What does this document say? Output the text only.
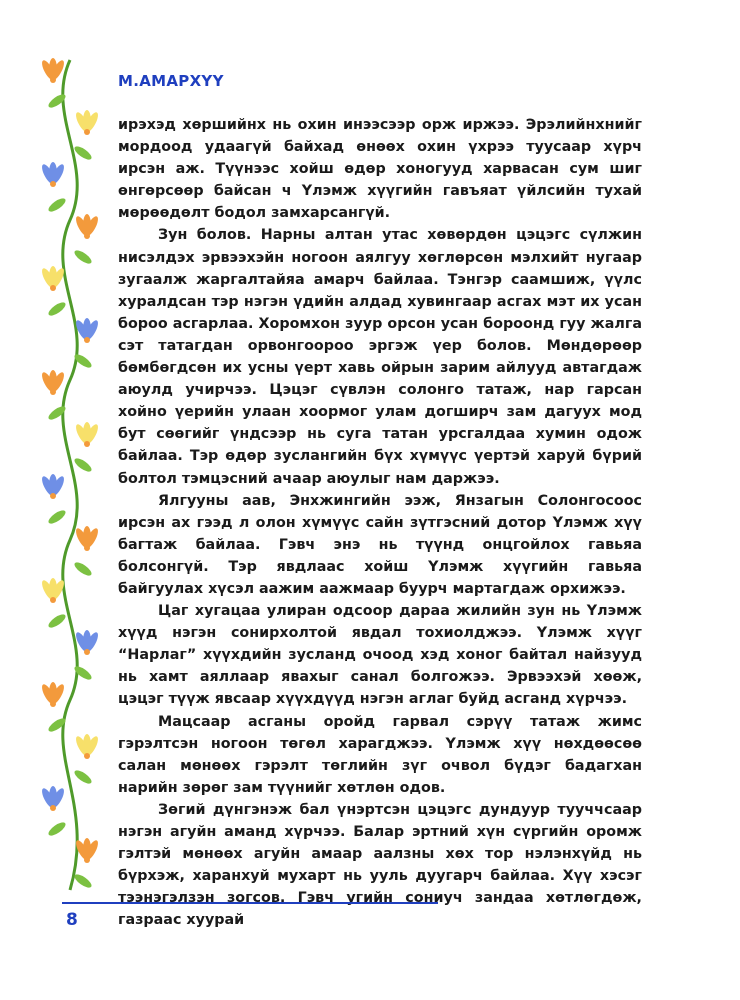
М.АМАРХҮҮ

ирэхэд хөршийнх нь охин инээсээр орж иржээ. Эрэлийнхнийг мордоод удаагүй байхад өнөөх охин үхрээ туусаар хүрч ирсэн аж. Түүнээс хойш өдөр хоногууд харвасан сум шиг өнгөрсөөр байсан ч Үлэмж хүүгийн гавъяат үйлсийн тухай мөрөөдөлт бодол замхарсангүй.

Зун болов. Нарны алтан утас хөвөрдөн цэцэгс сүлжин нисэлдэх эрвээхэйн ногоон аялгуу хөглөрсөн мэлхийт нугаар зугаалж жаргалтайяа амарч байлаа. Тэнгэр саамшиж, үүлс хуралдсан тэр нэгэн үдийн алдад хувингаар асгах мэт их усан бороо асгарлаа. Хоромхон зуур орсон усан бороонд гуу жалга сэт татагдан орвонгоороо эргэж үер болов. Мөндөрөөр бөмбөгдсөн их усны үерт хавь ойрын зарим айлууд автагдаж аюулд учирчээ. Цэцэг сүвлэн солонго татаж, нар гарсан хойно үерийн улаан хоормог улам догширч зам дагуух мод бут сөөгийг үндсээр нь суга татан урсгалдаа хумин одож байлаа. Тэр өдөр зуслангийн бүх хүмүүс үертэй харуй бүрий болтол тэмцэсний ачаар аюулыг нам даржээ.

Ялгууны аав, Энхжингийн ээж, Янзагын Солонгосоос ирсэн ах гээд л олон хүмүүс сайн зүтгэсний дотор Үлэмж хүү багтаж байлаа. Гэвч энэ нь түүнд онцгойлох гавьяа болсонгүй. Тэр явдлаас хойш Үлэмж хүүгийн гавьяа байгуулах хүсэл аажим аажмаар буурч мартагдаж орхижээ.

Цаг хугацаа улиран одсоор дараа жилийн зун нь Үлэмж хүүд нэгэн сонирхолтой явдал тохиолджээ. Үлэмж хүүг “Нарлаг” хүүхдийн зусланд очоод хэд хоног байтал найзууд нь хамт аяллаар явахыг санал болгожээ. Эрвээхэй хөөж, цэцэг түүж явсаар хүүхдүүд нэгэн аглаг буйд асганд хүрчээ.

Мацсаар асганы оройд гарвал сэрүү татаж жимс гэрэлтсэн ногоон төгөл харагджээ. Үлэмж хүү нөхдөөсөө салан мөнөөх гэрэлт төглийн зүг очвол бүдэг бадагхан нарийн зөрөг зам түүнийг хөтлөн одов.

Зөгий дүнгэнэж бал үнэртсэн цэцэгс дундуур тууччсаар нэгэн агуйн аманд хүрчээ. Балар эртний хүн сүргийн оромж гэлтэй мөнөөх агуйн амаар аалзны хөх тор нэлэнхүйд нь бүрхэж, харанхуй мухарт нь ууль дуугарч байлаа. Хүү хэсэг тээнэгэлзэн зогсов. Гэвч угийн сониуч зандаа хөтлөгдөж, газраас хуурай

8
